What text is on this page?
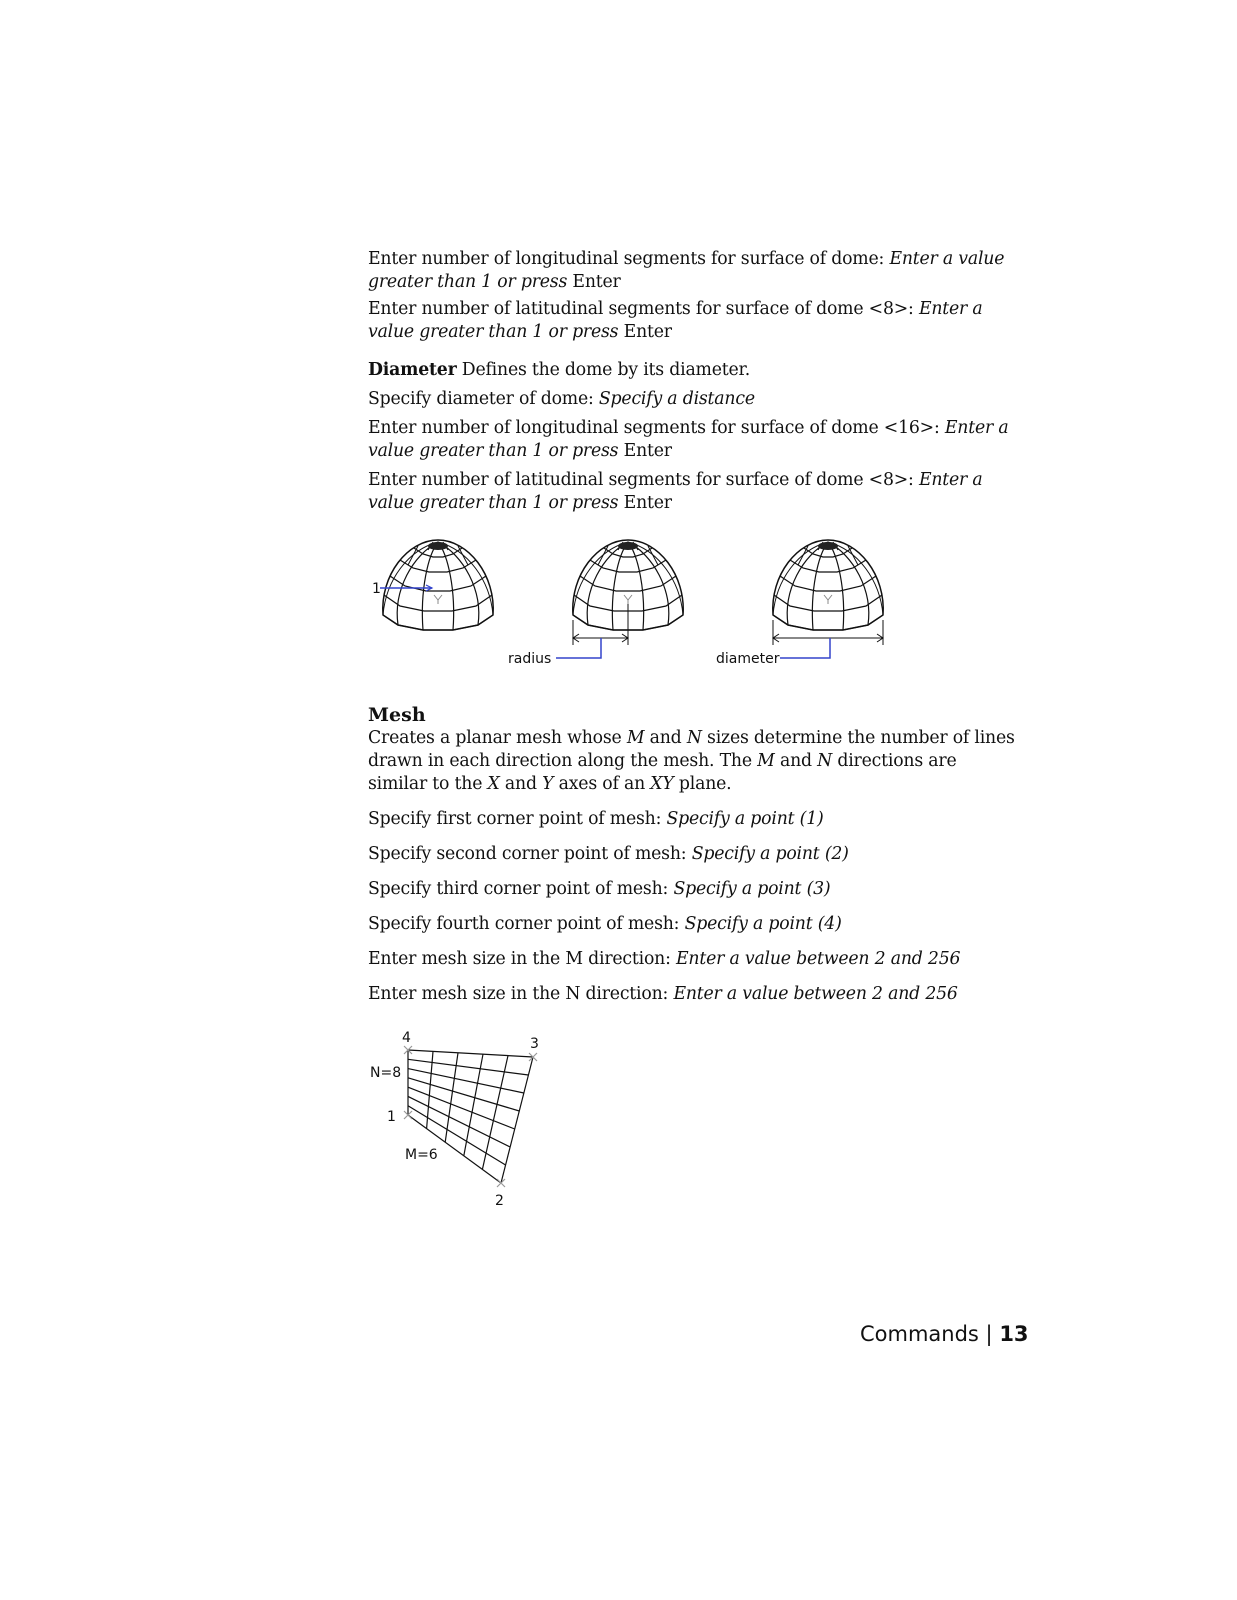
Enter number of longitudinal segments for surface of dome: Enter a value greater than 1 or press Enter

Enter number of latitudinal segments for surface of dome <8>: Enter a value greater than 1 or press Enter

Diameter Defines the dome by its diameter.

Specify diameter of dome: Specify a distance

Enter number of longitudinal segments for surface of dome <16>: Enter a value greater than 1 or press Enter

Enter number of latitudinal segments for surface of dome <8>: Enter a value greater than 1 or press Enter

1
radius	diameter

Mesh

Creates a planar mesh whose M and N sizes determine the number of lines drawn in each direction along the mesh. The M and N directions are similar to the X and Y axes of an XY plane.

Specify first corner point of mesh: Specify a point (1)

Specify second corner point of mesh: Specify a point (2)

Specify third corner point of mesh: Specify a point (3)

Specify fourth corner point of mesh: Specify a point (4)

Enter mesh size in the M direction: Enter a value between 2 and 256

Enter mesh size in the N direction: Enter a value between 2 and 256

4	3
N=8
1
M=6
2
Commands | 13
